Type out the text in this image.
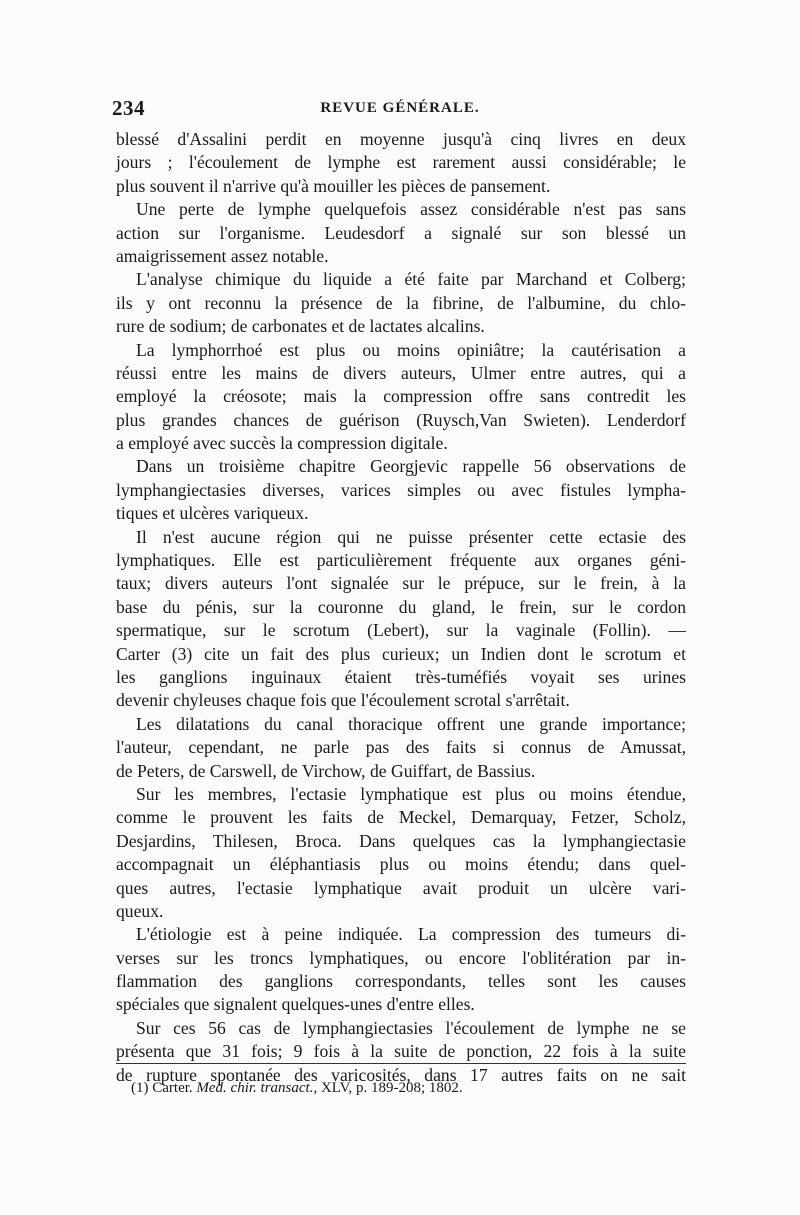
234	REVUE GÉNÉRALE.
blessé d'Assalini perdit en moyenne jusqu'à cinq livres en deux
jours ; l'écoulement de lymphe est rarement aussi considérable; le
plus souvent il n'arrive qu'à mouiller les pièces de pansement.
Une perte de lymphe quelquefois assez considérable n'est pas sans
action sur l'organisme. Leudesdorf a signalé sur son blessé un
amaigrissement assez notable.
L'analyse chimique du liquide a été faite par Marchand et Colberg;
ils y ont reconnu la présence de la fibrine, de l'albumine, du chlo-
rure de sodium; de carbonates et de lactates alcalins.
La lymphorrhoé est plus ou moins opiniâtre; la cautérisation a
réussi entre les mains de divers auteurs, Ulmer entre autres, qui a
employé la créosote; mais la compression offre sans contredit les
plus grandes chances de guérison (Ruysch,Van Swieten). Lenderdorf
a employé avec succès la compression digitale.
Dans un troisième chapitre Georgjevic rappelle 56 observations de
lymphangiectasies diverses, varices simples ou avec fistules lympha-
tiques et ulcères variqueux.
Il n'est aucune région qui ne puisse présenter cette ectasie des
lymphatiques. Elle est particulièrement fréquente aux organes géni-
taux; divers auteurs l'ont signalée sur le prépuce, sur le frein, à la
base du pénis, sur la couronne du gland, le frein, sur le cordon
spermatique, sur le scrotum (Lebert), sur la vaginale (Follin). —
Carter (3) cite un fait des plus curieux; un Indien dont le scrotum et
les ganglions inguinaux étaient très-tuméfiés voyait ses urines
devenir chyleuses chaque fois que l'écoulement scrotal s'arrêtait.
Les dilatations du canal thoracique offrent une grande importance;
l'auteur, cependant, ne parle pas des faits si connus de Amussat,
de Peters, de Carswell, de Virchow, de Guiffart, de Bassius.
Sur les membres, l'ectasie lymphatique est plus ou moins étendue,
comme le prouvent les faits de Meckel, Demarquay, Fetzer, Scholz,
Desjardins, Thilesen, Broca. Dans quelques cas la lymphangiectasie
accompagnait un éléphantiasis plus ou moins étendu; dans quel-
ques autres, l'ectasie lymphatique avait produit un ulcère vari-
queux.
L'étiologie est à peine indiquée. La compression des tumeurs di-
verses sur les troncs lymphatiques, ou encore l'oblitération par in-
flammation des ganglions correspondants, telles sont les causes
spéciales que signalent quelques-unes d'entre elles.
Sur ces 56 cas de lymphangiectasies l'écoulement de lymphe ne se
présenta que 31 fois; 9 fois à la suite de ponction, 22 fois à la suite
de rupture spontanée des varicosités, dans 17 autres faits on ne sait
(1) Carter. Med. chir. transact., XLV, p. 189-208; 1802.
